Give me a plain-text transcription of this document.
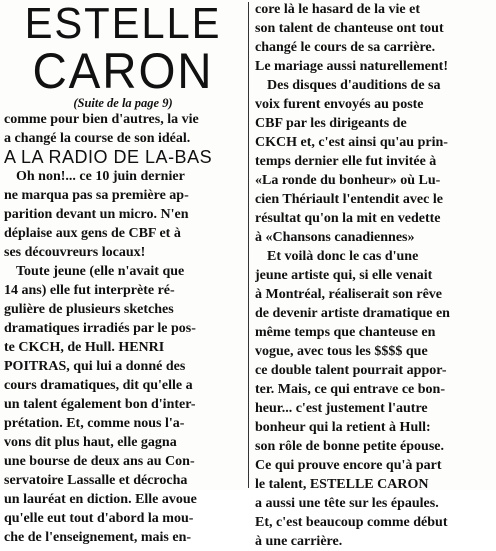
ESTELLE
CARON
(Suite de la page 9)
comme pour bien d'autres, la vie
a changé la course de son idéal.
A LA RADIO DE LA-BAS
Oh non!... ce 10 juin dernier
ne marqua pas sa première ap-
parition devant un micro. N'en
déplaise aux gens de CBF et à
ses découvreurs locaux!
Toute jeune (elle n'avait que
14 ans) elle fut interprète ré-
gulière de plusieurs sketches
dramatiques irradiés par le pos-
te CKCH, de Hull. HENRI
POITRAS, qui lui a donné des
cours dramatiques, dit qu'elle a
un talent également bon d'inter-
prétation. Et, comme nous l'a-
vons dit plus haut, elle gagna
une bourse de deux ans au Con-
servatoire Lassalle et décrocha
un lauréat en diction. Elle avoue
qu'elle eut tout d'abord la mou-
che de l'enseignement, mais en-
core là le hasard de la vie et
son talent de chanteuse ont tout
changé le cours de sa carrière.
Le mariage aussi naturellement!
Des disques d'auditions de sa
voix furent envoyés au poste
CBF par les dirigeants de
CKCH et, c'est ainsi qu'au prin-
temps dernier elle fut invitée à
«La ronde du bonheur» où Lu-
cien Thériault l'entendit avec le
résultat qu'on la mit en vedette
à «Chansons canadiennes»
Et voilà donc le cas d'une
jeune artiste qui, si elle venait
à Montréal, réaliserait son rêve
de devenir artiste dramatique en
même temps que chanteuse en
vogue, avec tous les $$$$ que
ce double talent pourrait appor-
ter. Mais, ce qui entrave ce bon-
heur... c'est justement l'autre
bonheur qui la retient à Hull:
son rôle de bonne petite épouse.
Ce qui prouve encore qu'à part
le talent, ESTELLE CARON
a aussi une tête sur les épaules.
Et, c'est beaucoup comme début
à une carrière.
